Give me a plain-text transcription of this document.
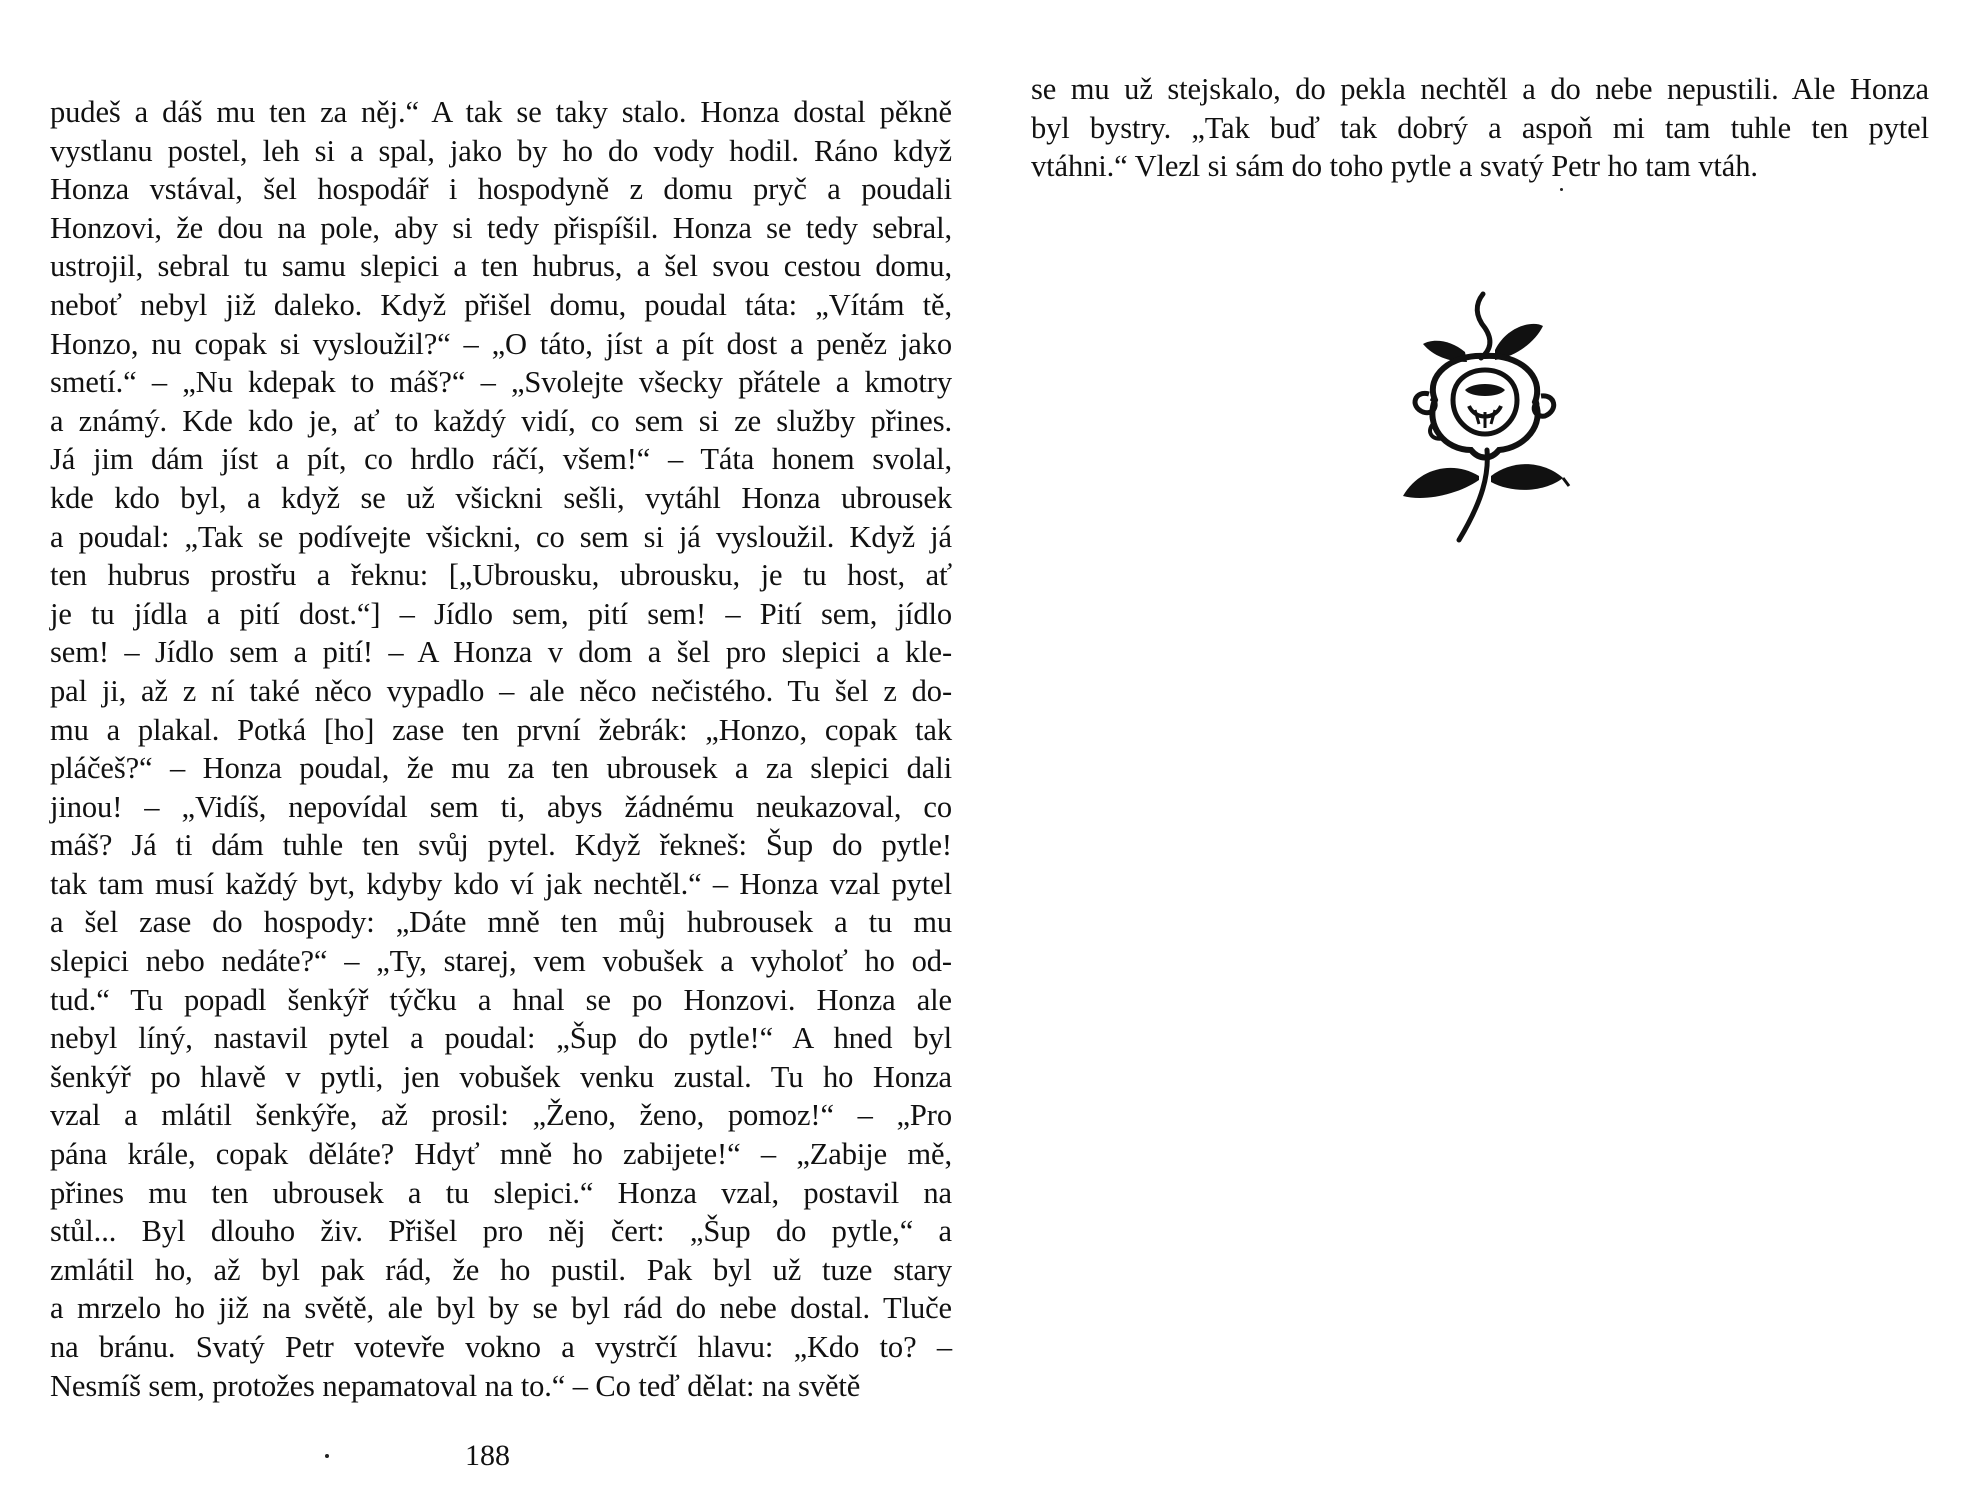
pudeš a dáš mu ten za něj.“ A tak se taky stalo. Honza dostal pěkně
vystlanu postel, leh si a spal, jako by ho do vody hodil. Ráno když
Honza vstával, šel hospodář i hospodyně z domu pryč a poudali
Honzovi, že dou na pole, aby si tedy přispíšil. Honza se tedy sebral,
ustrojil, sebral tu samu slepici a ten hubrus, a šel svou cestou domu,
neboť nebyl již daleko. Když přišel domu, poudal táta: „Vítám tě,
Honzo, nu copak si vysloužil?“ – „O táto, jíst a pít dost a peněz jako
smetí.“ – „Nu kdepak to máš?“ – „Svolejte všecky přátele a kmotry
a známý. Kde kdo je, ať to každý vidí, co sem si ze služby přines.
Já jim dám jíst a pít, co hrdlo ráčí, všem!“ – Táta honem svolal,
kde kdo byl, a když se už všickni sešli, vytáhl Honza ubrousek
a poudal: „Tak se podívejte všickni, co sem si já vysloužil. Když já
ten hubrus prostřu a řeknu: [„Ubrousku, ubrousku, je tu host, ať
je tu jídla a pití dost.“] – Jídlo sem, pití sem! – Pití sem, jídlo
sem! – Jídlo sem a pití! – A Honza v dom a šel pro slepici a kle-
pal ji, až z ní také něco vypadlo – ale něco nečistého. Tu šel z do-
mu a plakal. Potká [ho] zase ten první žebrák: „Honzo, copak tak
pláčeš?“ – Honza poudal, že mu za ten ubrousek a za slepici dali
jinou! – „Vidíš, nepovídal sem ti, abys žádnému neukazoval, co
máš? Já ti dám tuhle ten svůj pytel. Když řekneš: Šup do pytle!
tak tam musí každý byt, kdyby kdo ví jak nechtěl.“ – Honza vzal pytel
a šel zase do hospody: „Dáte mně ten můj hubrousek a tu mu
slepici nebo nedáte?“ – „Ty, starej, vem vobušek a vyholoť ho od-
tud.“ Tu popadl šenkýř týčku a hnal se po Honzovi. Honza ale
nebyl líný, nastavil pytel a poudal: „Šup do pytle!“ A hned byl
šenkýř po hlavě v pytli, jen vobušek venku zustal. Tu ho Honza
vzal a mlátil šenkýře, až prosil: „Ženo, ženo, pomoz!“ – „Pro
pána krále, copak děláte? Hdyť mně ho zabijete!“ – „Zabije mě,
přines mu ten ubrousek a tu slepici.“ Honza vzal, postavil na
stůl... Byl dlouho živ. Přišel pro něj čert: „Šup do pytle,“ a
zmlátil ho, až byl pak rád, že ho pustil. Pak byl už tuze stary
a mrzelo ho již na světě, ale byl by se byl rád do nebe dostal. Tluče
na bránu. Svatý Petr votevře vokno a vystrčí hlavu: „Kdo to? –
Nesmíš sem, protožes nepamatoval na to.“ – Co teď dělat: na světě
188
se mu už stejskalo, do pekla nechtěl a do nebe nepustili. Ale Honza
byl bystry. „Tak buď tak dobrý a aspoň mi tam tuhle ten pytel
vtáhni.“ Vlezl si sám do toho pytle a svatý Petr ho tam vtáh.
